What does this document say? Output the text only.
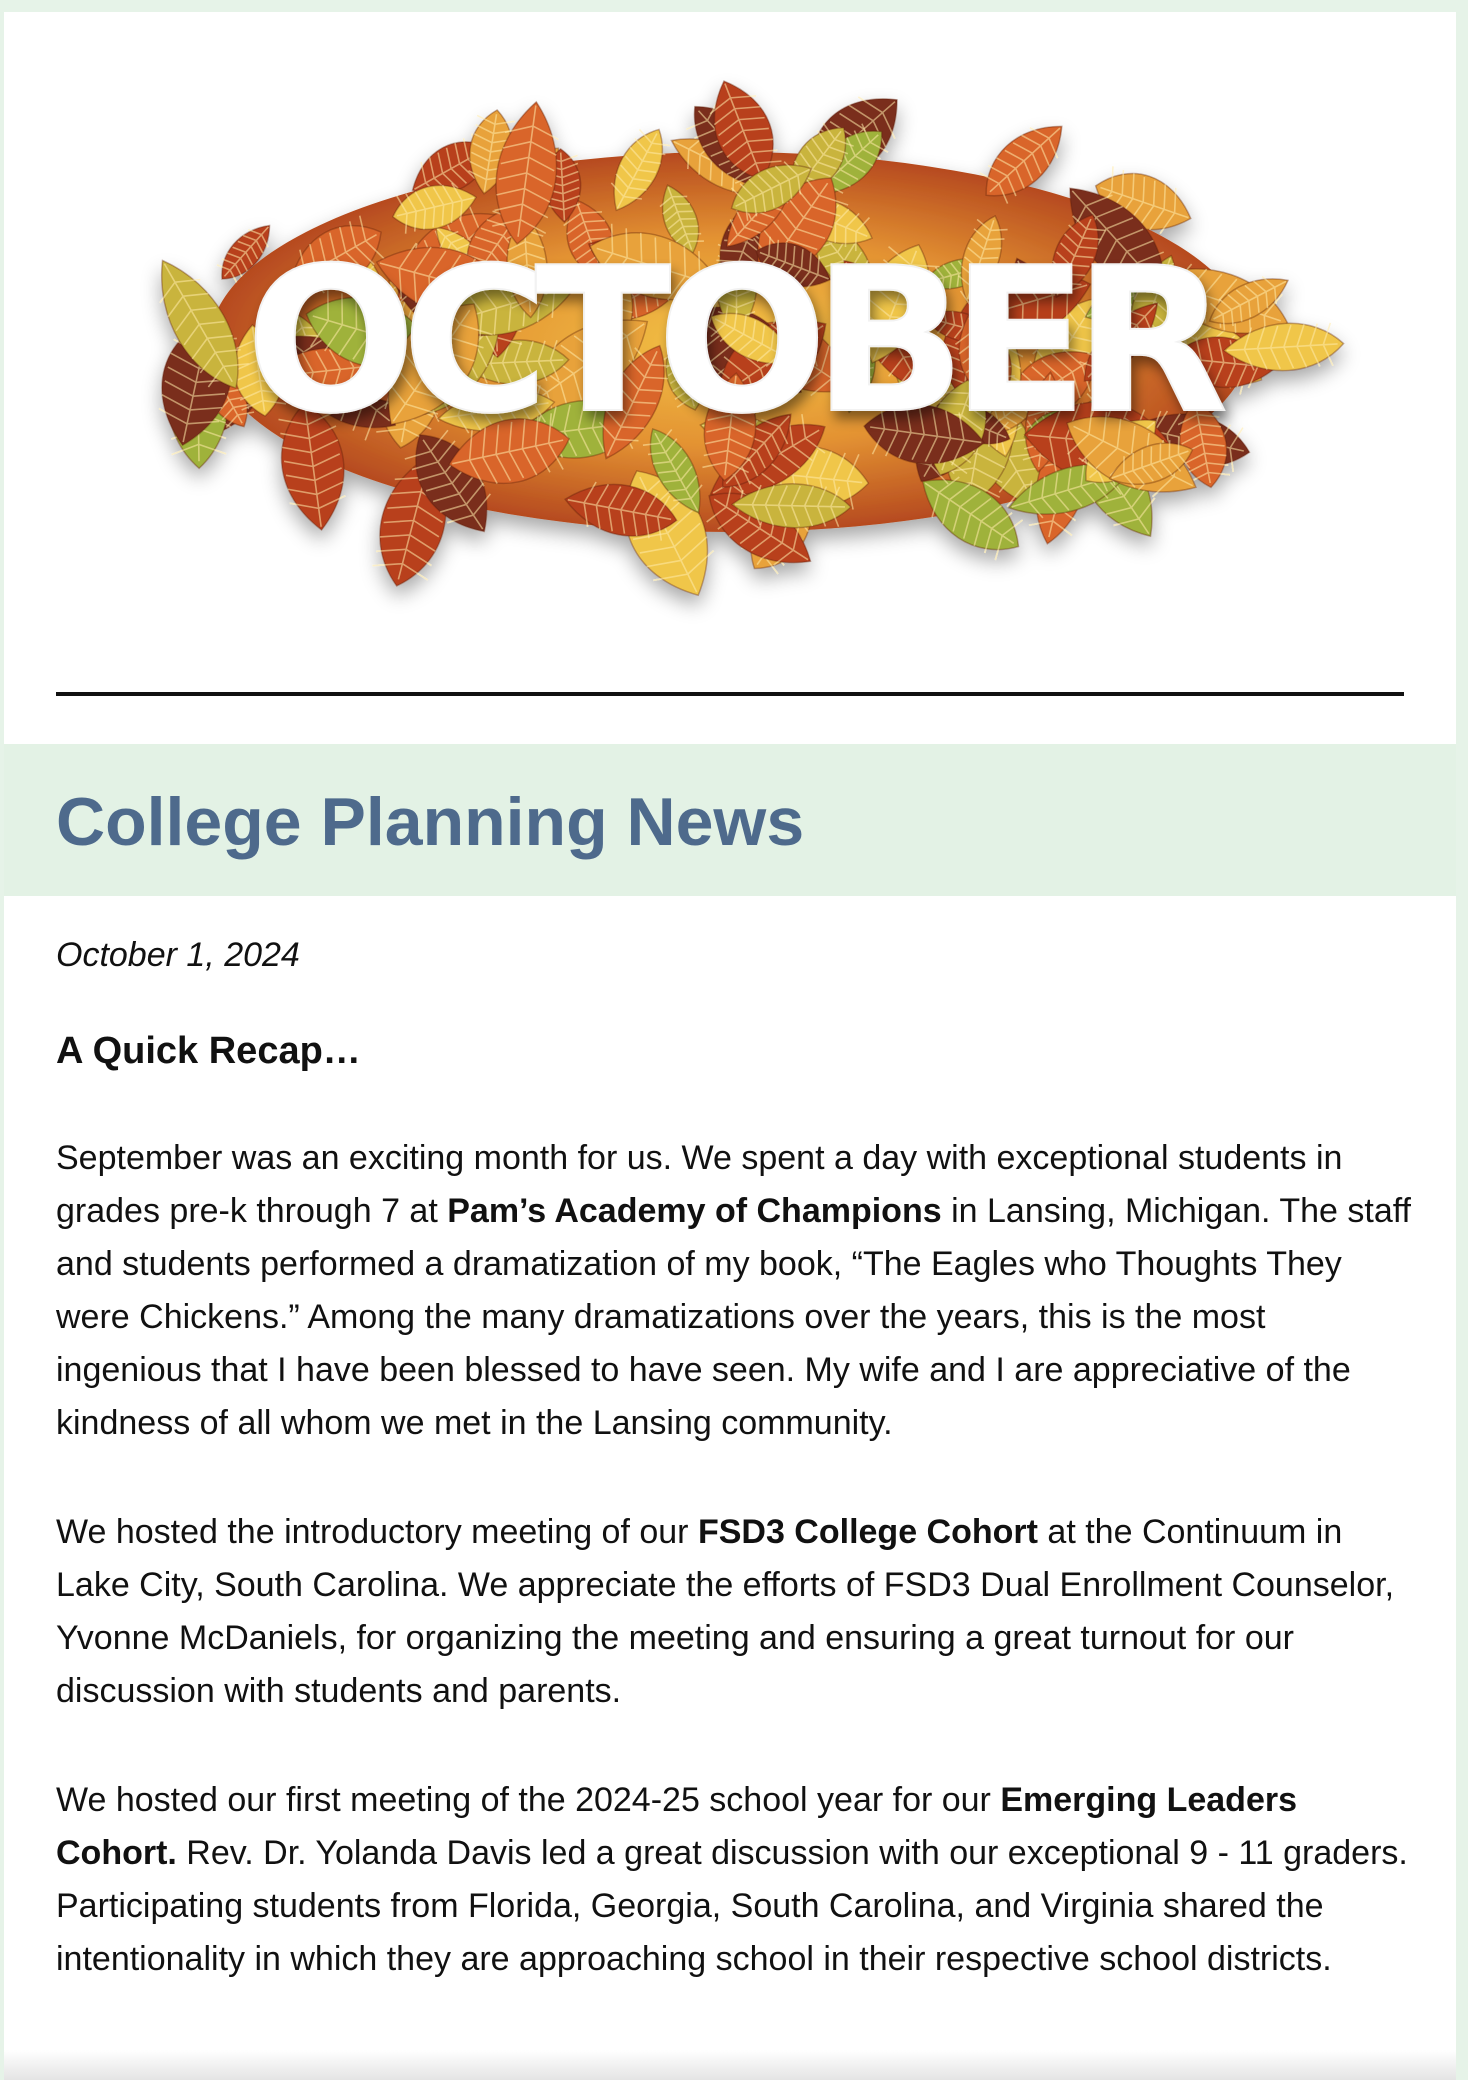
OCTOBER
College Planning News

October 1, 2024

A Quick Recap…

September was an exciting month for us. We spent a day with exceptional students in grades pre-k through 7 at Pam’s Academy of Champions in Lansing, Michigan. The staff and students performed a dramatization of my book, “The Eagles who Thoughts They were Chickens.” Among the many dramatizations over the years, this is the most ingenious that I have been blessed to have seen. My wife and I are appreciative of the kindness of all whom we met in the Lansing community.

We hosted the introductory meeting of our FSD3 College Cohort at the Continuum in Lake City, South Carolina. We appreciate the efforts of FSD3 Dual Enrollment Counselor, Yvonne McDaniels, for organizing the meeting and ensuring a great turnout for our discussion with students and parents.

We hosted our first meeting of the 2024-25 school year for our Emerging Leaders Cohort. Rev. Dr. Yolanda Davis led a great discussion with our exceptional 9 - 11 graders. Participating students from Florida, Georgia, South Carolina, and Virginia shared the intentionality in which they are approaching school in their respective school districts.
